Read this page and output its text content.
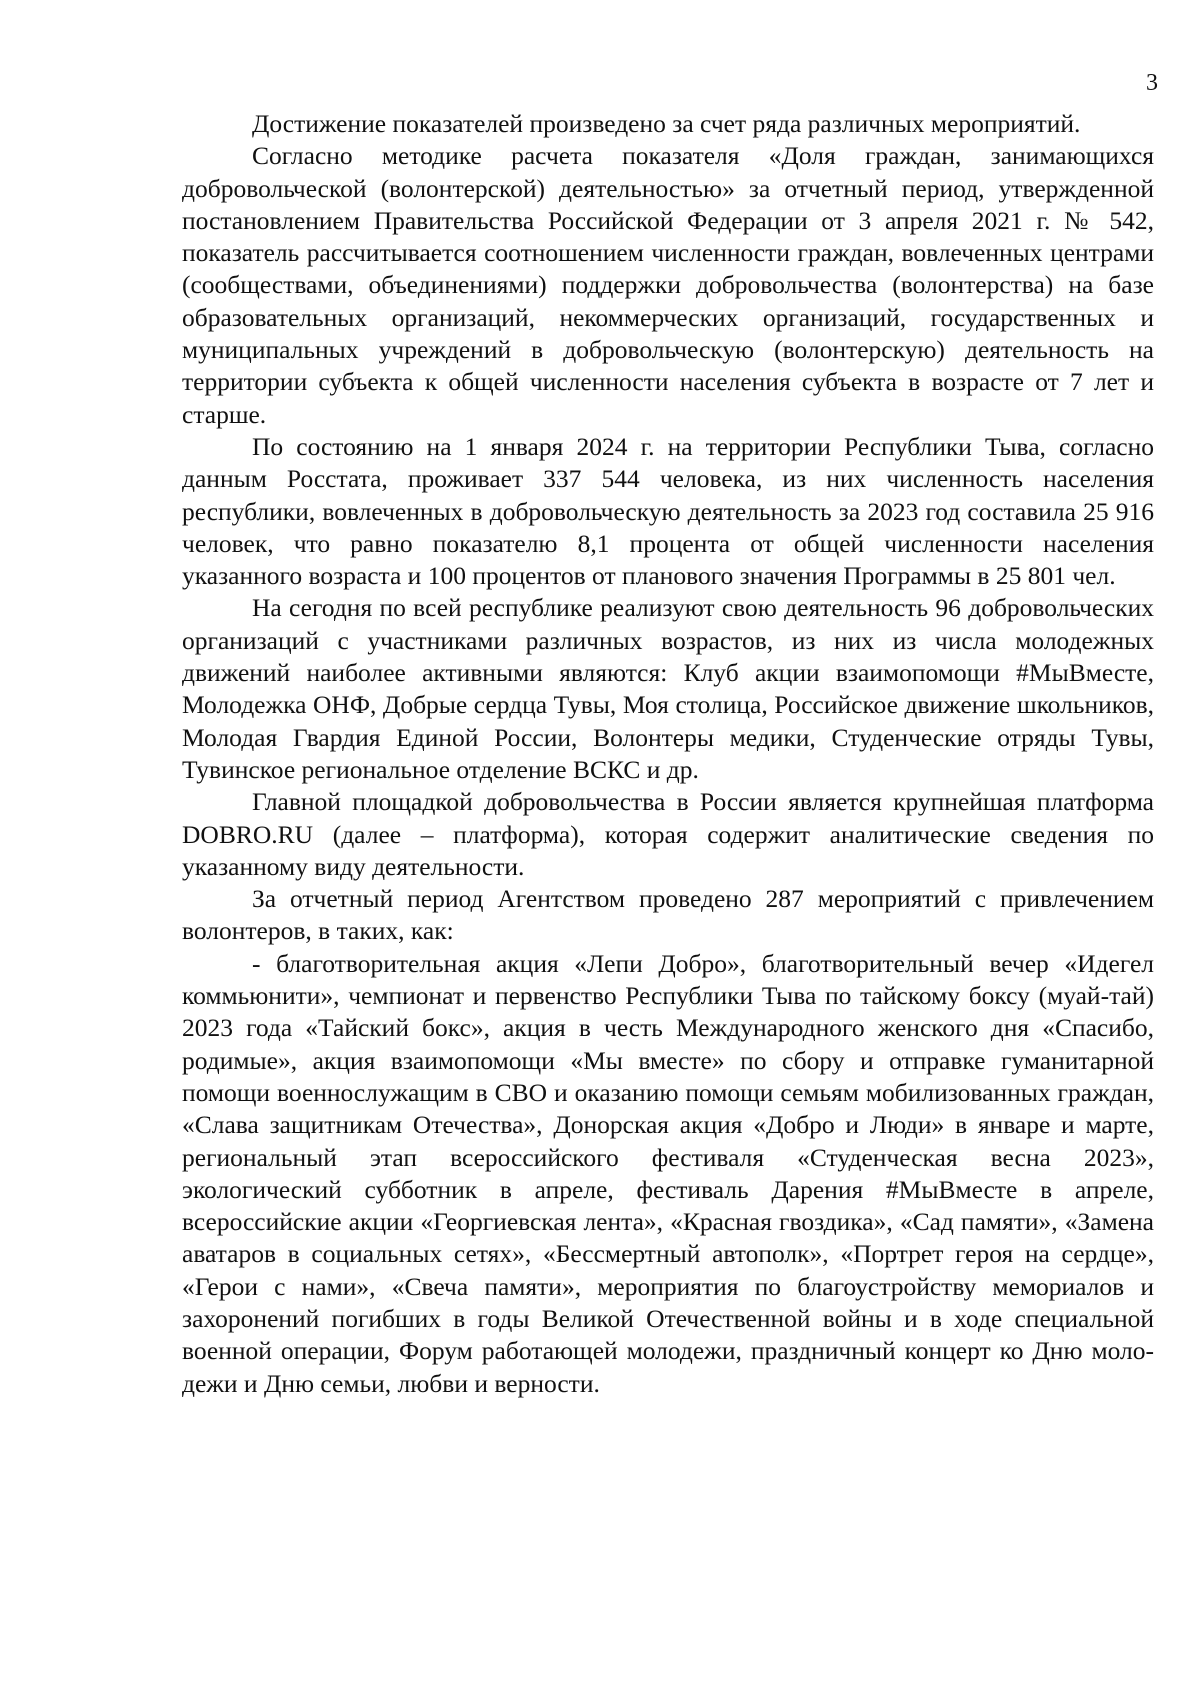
3

Достижение показателей произведено за счет ряда различных мероприятий.

Согласно методике расчета показателя «Доля граждан, занимающихся добровольческой (волонтерской) деятельностью» за отчетный период, утвержденной постановлением Правительства Российской Федерации от 3 апреля 2021 г. № 542, показатель рассчитывается соотношением численности граждан, вовлеченных центрами (сообществами, объединениями) поддержки добровольчества (волонтерства) на базе образовательных организаций, некоммерческих организаций, государственных и муниципальных учреждений в добровольческую (волонтерскую) деятельность на территории субъекта к общей численности населения субъекта в возрасте от 7 лет и старше.

По состоянию на 1 января 2024 г. на территории Республики Тыва, согласно данным Росстата, проживает 337 544 человека, из них численность населения республики, вовлеченных в добровольческую деятельность за 2023 год составила 25 916 человек, что равно показателю 8,1 процента от общей численности населения указанного возраста и 100 процентов от планового значения Программы в 25 801 чел.

На сегодня по всей республике реализуют свою деятельность 96 добровольческих организаций с участниками различных возрастов, из них из числа молодежных движений наиболее активными являются: Клуб акции взаимопомощи #МыВместе, Молодежка ОНФ, Добрые сердца Тувы, Моя столица, Российское движение школьников, Молодая Гвардия Единой России, Волонтеры медики, Студенческие отряды Тувы, Тувинское региональное отделение ВСКС и др.

Главной площадкой добровольчества в России является крупнейшая платформа DOBRO.RU (далее – платформа), которая содержит аналитические сведения по указанному виду деятельности.

За отчетный период Агентством проведено 287 мероприятий с привлечением волонтеров, в таких, как:

- благотворительная акция «Лепи Добро», благотворительный вечер «Идегел коммьюнити», чемпионат и первенство Республики Тыва по тайскому боксу (муай-тай) 2023 года «Тайский бокс», акция в честь Международного женского дня «Спасибо, родимые», акция взаимопомощи «Мы вместе» по сбору и отправке гуманитарной помощи военнослужащим в СВО и оказанию помощи семьям мобилизованных граждан, «Слава защитникам Отечества», Донорская акция «Добро и Люди» в январе и марте, региональный этап всероссийского фестиваля «Студенческая весна 2023», экологический субботник в апреле, фестиваль Дарения #МыВместе в апреле, всероссийские акции «Георгиевская лента», «Красная гвоздика», «Сад памяти», «Замена аватаров в социальных сетях», «Бессмертный автополк», «Портрет героя на сердце», «Герои с нами», «Свеча памяти», мероприятия по благоустройству мемориалов и захоронений погибших в годы Великой Отечественной войны и в ходе специальной военной операции, Форум работающей молодежи, праздничный концерт ко Дню молодежи и Дню семьи, любви и верности.
